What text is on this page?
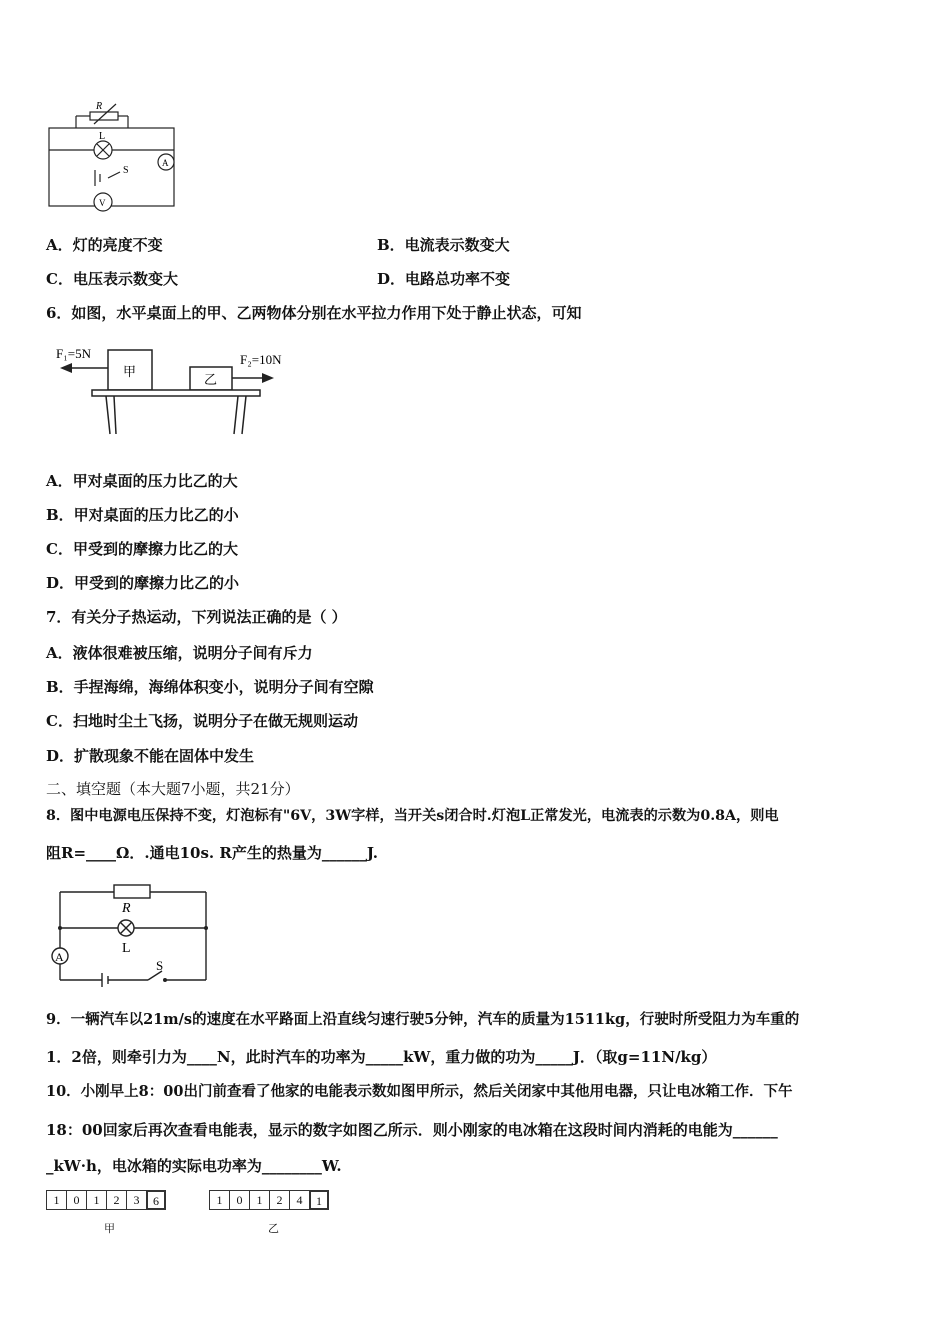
R
L
S
A
V
A．灯的亮度不变	B．电流表示数变大
C．电压表示数变大	D．电路总功率不变
6．如图，水平桌面上的甲、乙两物体分别在水平拉力作用下处于静止状态，可知
F₁=5N	F₂=10N
甲
乙
A．甲对桌面的压力比乙的大
B．甲对桌面的压力比乙的小
C．甲受到的摩擦力比乙的大
D．甲受到的摩擦力比乙的小
7．有关分子热运动，下列说法正确的是（ ）
A．液体很难被压缩，说明分子间有斥力
B．手捏海绵，海绵体积变小，说明分子间有空隙
C．扫地时尘土飞扬，说明分子在做无规则运动
D．扩散现象不能在固体中发生
二、填空题（本大题7小题，共21分）
8．图中电源电压保持不变，灯泡标有"6V，3W字样，当开关s闭合时.灯泡L正常发光，电流表的示数为0.8A，则电
阻R=____Ω．.通电10s. R产生的热量为______J.
R
L
S
A
9．一辆汽车以21m/s的速度在水平路面上沿直线匀速行驶5分钟，汽车的质量为1511kg，行驶时所受阻力为车重的
1．2倍，则牵引力为____N，此时汽车的功率为_____kW，重力做的功为_____J．（取g=11N/kg）
10．小刚早上8：00出门前查看了他家的电能表示数如图甲所示，然后关闭家中其他用电器，只让电冰箱工作．下午
18：00回家后再次查看电能表，显示的数字如图乙所示．则小刚家的电冰箱在这段时间内消耗的电能为______
_kW·h，电冰箱的实际电功率为________W.
1	0	1	2	3	6
甲
1	0	1	2	4	1
乙
